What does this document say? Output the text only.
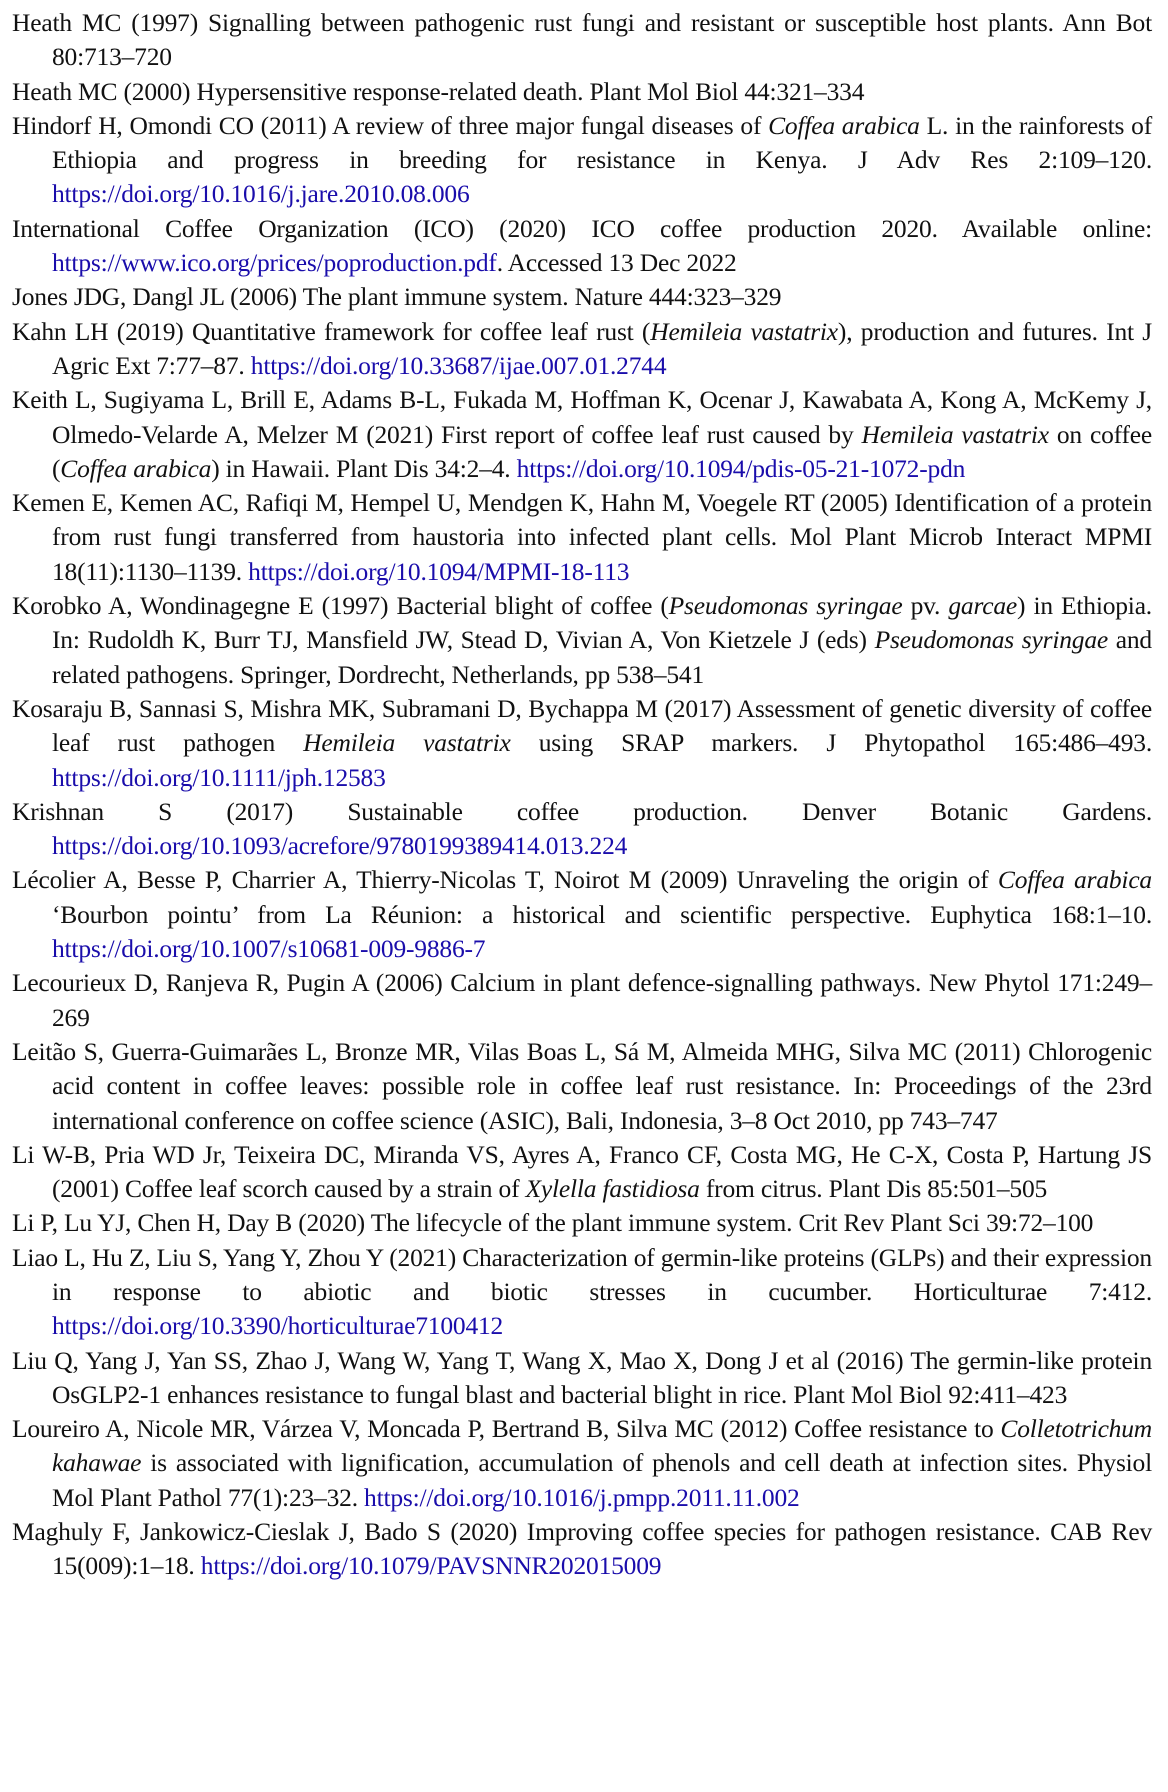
Heath MC (1997) Signalling between pathogenic rust fungi and resistant or susceptible host plants. Ann Bot 80:713–720

Heath MC (2000) Hypersensitive response-related death. Plant Mol Biol 44:321–334

Hindorf H, Omondi CO (2011) A review of three major fungal diseases of Coffea arabica L. in the rainforests of Ethiopia and progress in breeding for resistance in Kenya. J Adv Res 2:109–120. https://doi.org/10.1016/j.jare.2010.08.006

International Coffee Organization (ICO) (2020) ICO coffee production 2020. Available online: https://www.ico.org/prices/poproduction.pdf. Accessed 13 Dec 2022

Jones JDG, Dangl JL (2006) The plant immune system. Nature 444:323–329

Kahn LH (2019) Quantitative framework for coffee leaf rust (Hemileia vastatrix), production and futures. Int J Agric Ext 7:77–87. https://doi.org/10.33687/ijae.007.01.2744

Keith L, Sugiyama L, Brill E, Adams B-L, Fukada M, Hoffman K, Ocenar J, Kawabata A, Kong A, McKemy J, Olmedo-Velarde A, Melzer M (2021) First report of coffee leaf rust caused by Hemileia vastatrix on coffee (Coffea arabica) in Hawaii. Plant Dis 34:2–4. https://doi.org/10.1094/pdis-05-21-1072-pdn

Kemen E, Kemen AC, Rafiqi M, Hempel U, Mendgen K, Hahn M, Voegele RT (2005) Identification of a protein from rust fungi transferred from haustoria into infected plant cells. Mol Plant Microb Interact MPMI 18(11):1130–1139. https://doi.org/10.1094/MPMI-18-113

Korobko A, Wondinagegne E (1997) Bacterial blight of coffee (Pseudomonas syringae pv. garcae) in Ethiopia. In: Rudoldh K, Burr TJ, Mansfield JW, Stead D, Vivian A, Von Kietzele J (eds) Pseudomonas syringae and related pathogens. Springer, Dordrecht, Netherlands, pp 538–541

Kosaraju B, Sannasi S, Mishra MK, Subramani D, Bychappa M (2017) Assessment of genetic diversity of coffee leaf rust pathogen Hemileia vastatrix using SRAP markers. J Phytopathol 165:486–493. https://doi.org/10.1111/jph.12583

Krishnan S (2017) Sustainable coffee production. Denver Botanic Gardens. https://doi.org/10.1093/acrefore/9780199389414.013.224

Lécolier A, Besse P, Charrier A, Thierry-Nicolas T, Noirot M (2009) Unraveling the origin of Coffea arabica ‘Bourbon pointu’ from La Réunion: a historical and scientific perspective. Euphytica 168:1–10. https://doi.org/10.1007/s10681-009-9886-7

Lecourieux D, Ranjeva R, Pugin A (2006) Calcium in plant defence-signalling pathways. New Phytol 171:249–269

Leitão S, Guerra-Guimarães L, Bronze MR, Vilas Boas L, Sá M, Almeida MHG, Silva MC (2011) Chlorogenic acid content in coffee leaves: possible role in coffee leaf rust resistance. In: Proceedings of the 23rd international conference on coffee science (ASIC), Bali, Indonesia, 3–8 Oct 2010, pp 743–747

Li W-B, Pria WD Jr, Teixeira DC, Miranda VS, Ayres A, Franco CF, Costa MG, He C-X, Costa P, Hartung JS (2001) Coffee leaf scorch caused by a strain of Xylella fastidiosa from citrus. Plant Dis 85:501–505

Li P, Lu YJ, Chen H, Day B (2020) The lifecycle of the plant immune system. Crit Rev Plant Sci 39:72–100

Liao L, Hu Z, Liu S, Yang Y, Zhou Y (2021) Characterization of germin-like proteins (GLPs) and their expression in response to abiotic and biotic stresses in cucumber. Horticulturae 7:412. https://doi.org/10.3390/horticulturae7100412

Liu Q, Yang J, Yan SS, Zhao J, Wang W, Yang T, Wang X, Mao X, Dong J et al (2016) The germin-like protein OsGLP2-1 enhances resistance to fungal blast and bacterial blight in rice. Plant Mol Biol 92:411–423

Loureiro A, Nicole MR, Várzea V, Moncada P, Bertrand B, Silva MC (2012) Coffee resistance to Colletotrichum kahawae is associated with lignification, accumulation of phenols and cell death at infection sites. Physiol Mol Plant Pathol 77(1):23–32. https://doi.org/10.1016/j.pmpp.2011.11.002

Maghuly F, Jankowicz-Cieslak J, Bado S (2020) Improving coffee species for pathogen resistance. CAB Rev 15(009):1–18. https://doi.org/10.1079/PAVSNNR202015009
